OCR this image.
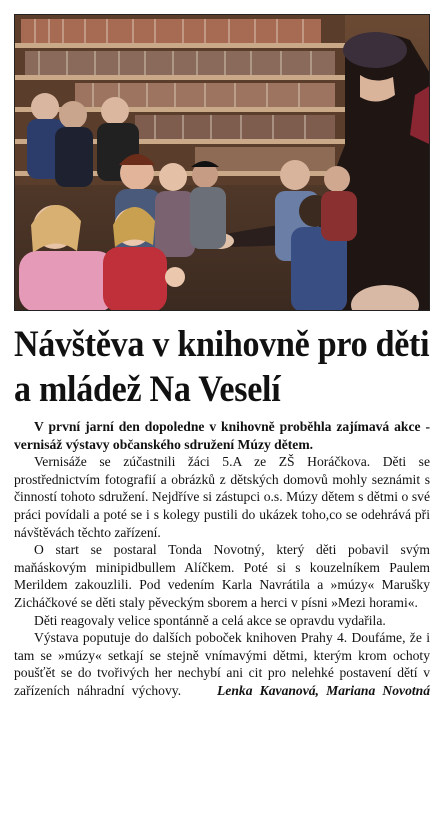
Návštěva v knihovně pro děti a mládež Na Veselí

V první jarní den dopoledne v knihovně proběhla zajímavá akce - vernisáž výstavy občanského sdružení Múzy dětem.

Vernisáže se zúčastnili žáci 5.A ze ZŠ Horáčkova. Děti se prostřednictvím fotografií a obrázků z dětských domovů mohly seznámit s činností tohoto sdružení. Nejdříve si zástupci o.s. Múzy dětem s dětmi o své práci povídali a poté se i s kolegy pustili do ukázek toho,co se odehrává při návštěvách těchto zařízení.

O start se postaral Tonda Novotný, který děti pobavil svým maňáskovým minipidbullem Alíčkem. Poté si s kouzelníkem Paulem Merildem zakouzlili. Pod vedením Karla Navrátila a »múzy« Marušky Zicháčkové se děti staly pěveckým sborem a herci v písni »Mezi horami«.

Děti reagovaly velice spontánně a celá akce se opravdu vydařila.

Výstava poputuje do dalších poboček knihoven Prahy 4. Doufáme, že i tam se »múzy« setkají se stejně vnímavými dětmi, kterým krom ochoty poušťět se do tvořivých her nechybí ani cit pro nelehké postavení dětí v zařízeních náhradní výchovy.	Lenka Kavanová, Mariana Novotná
